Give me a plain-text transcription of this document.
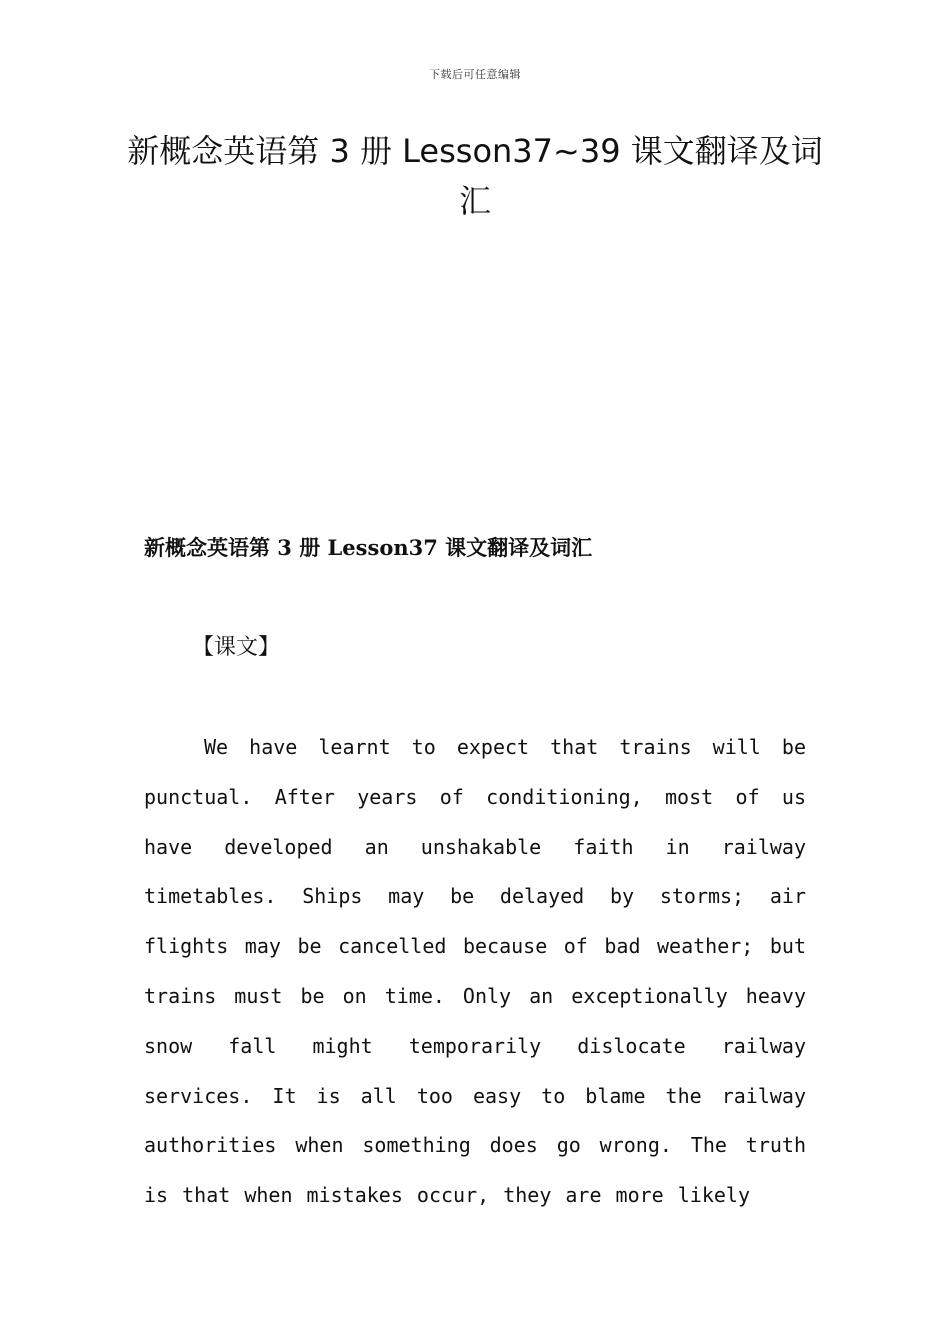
下载后可任意编辑
新概念英语第 3 册 Lesson37~39 课文翻译及词汇
新概念英语第 3 册 Lesson37 课文翻译及词汇

【课文】

We have learnt to expect that trains will be punctual. After years of conditioning, most of us have developed an unshakable faith in railway timetables. Ships may be delayed by storms; air flights may be cancelled because of bad weather; but trains must be on time. Only an exceptionally heavy snow fall might temporarily dislocate railway services. It is all too easy to blame the railway authorities when something does go wrong. The truth is that when mistakes occur, they are more likely
